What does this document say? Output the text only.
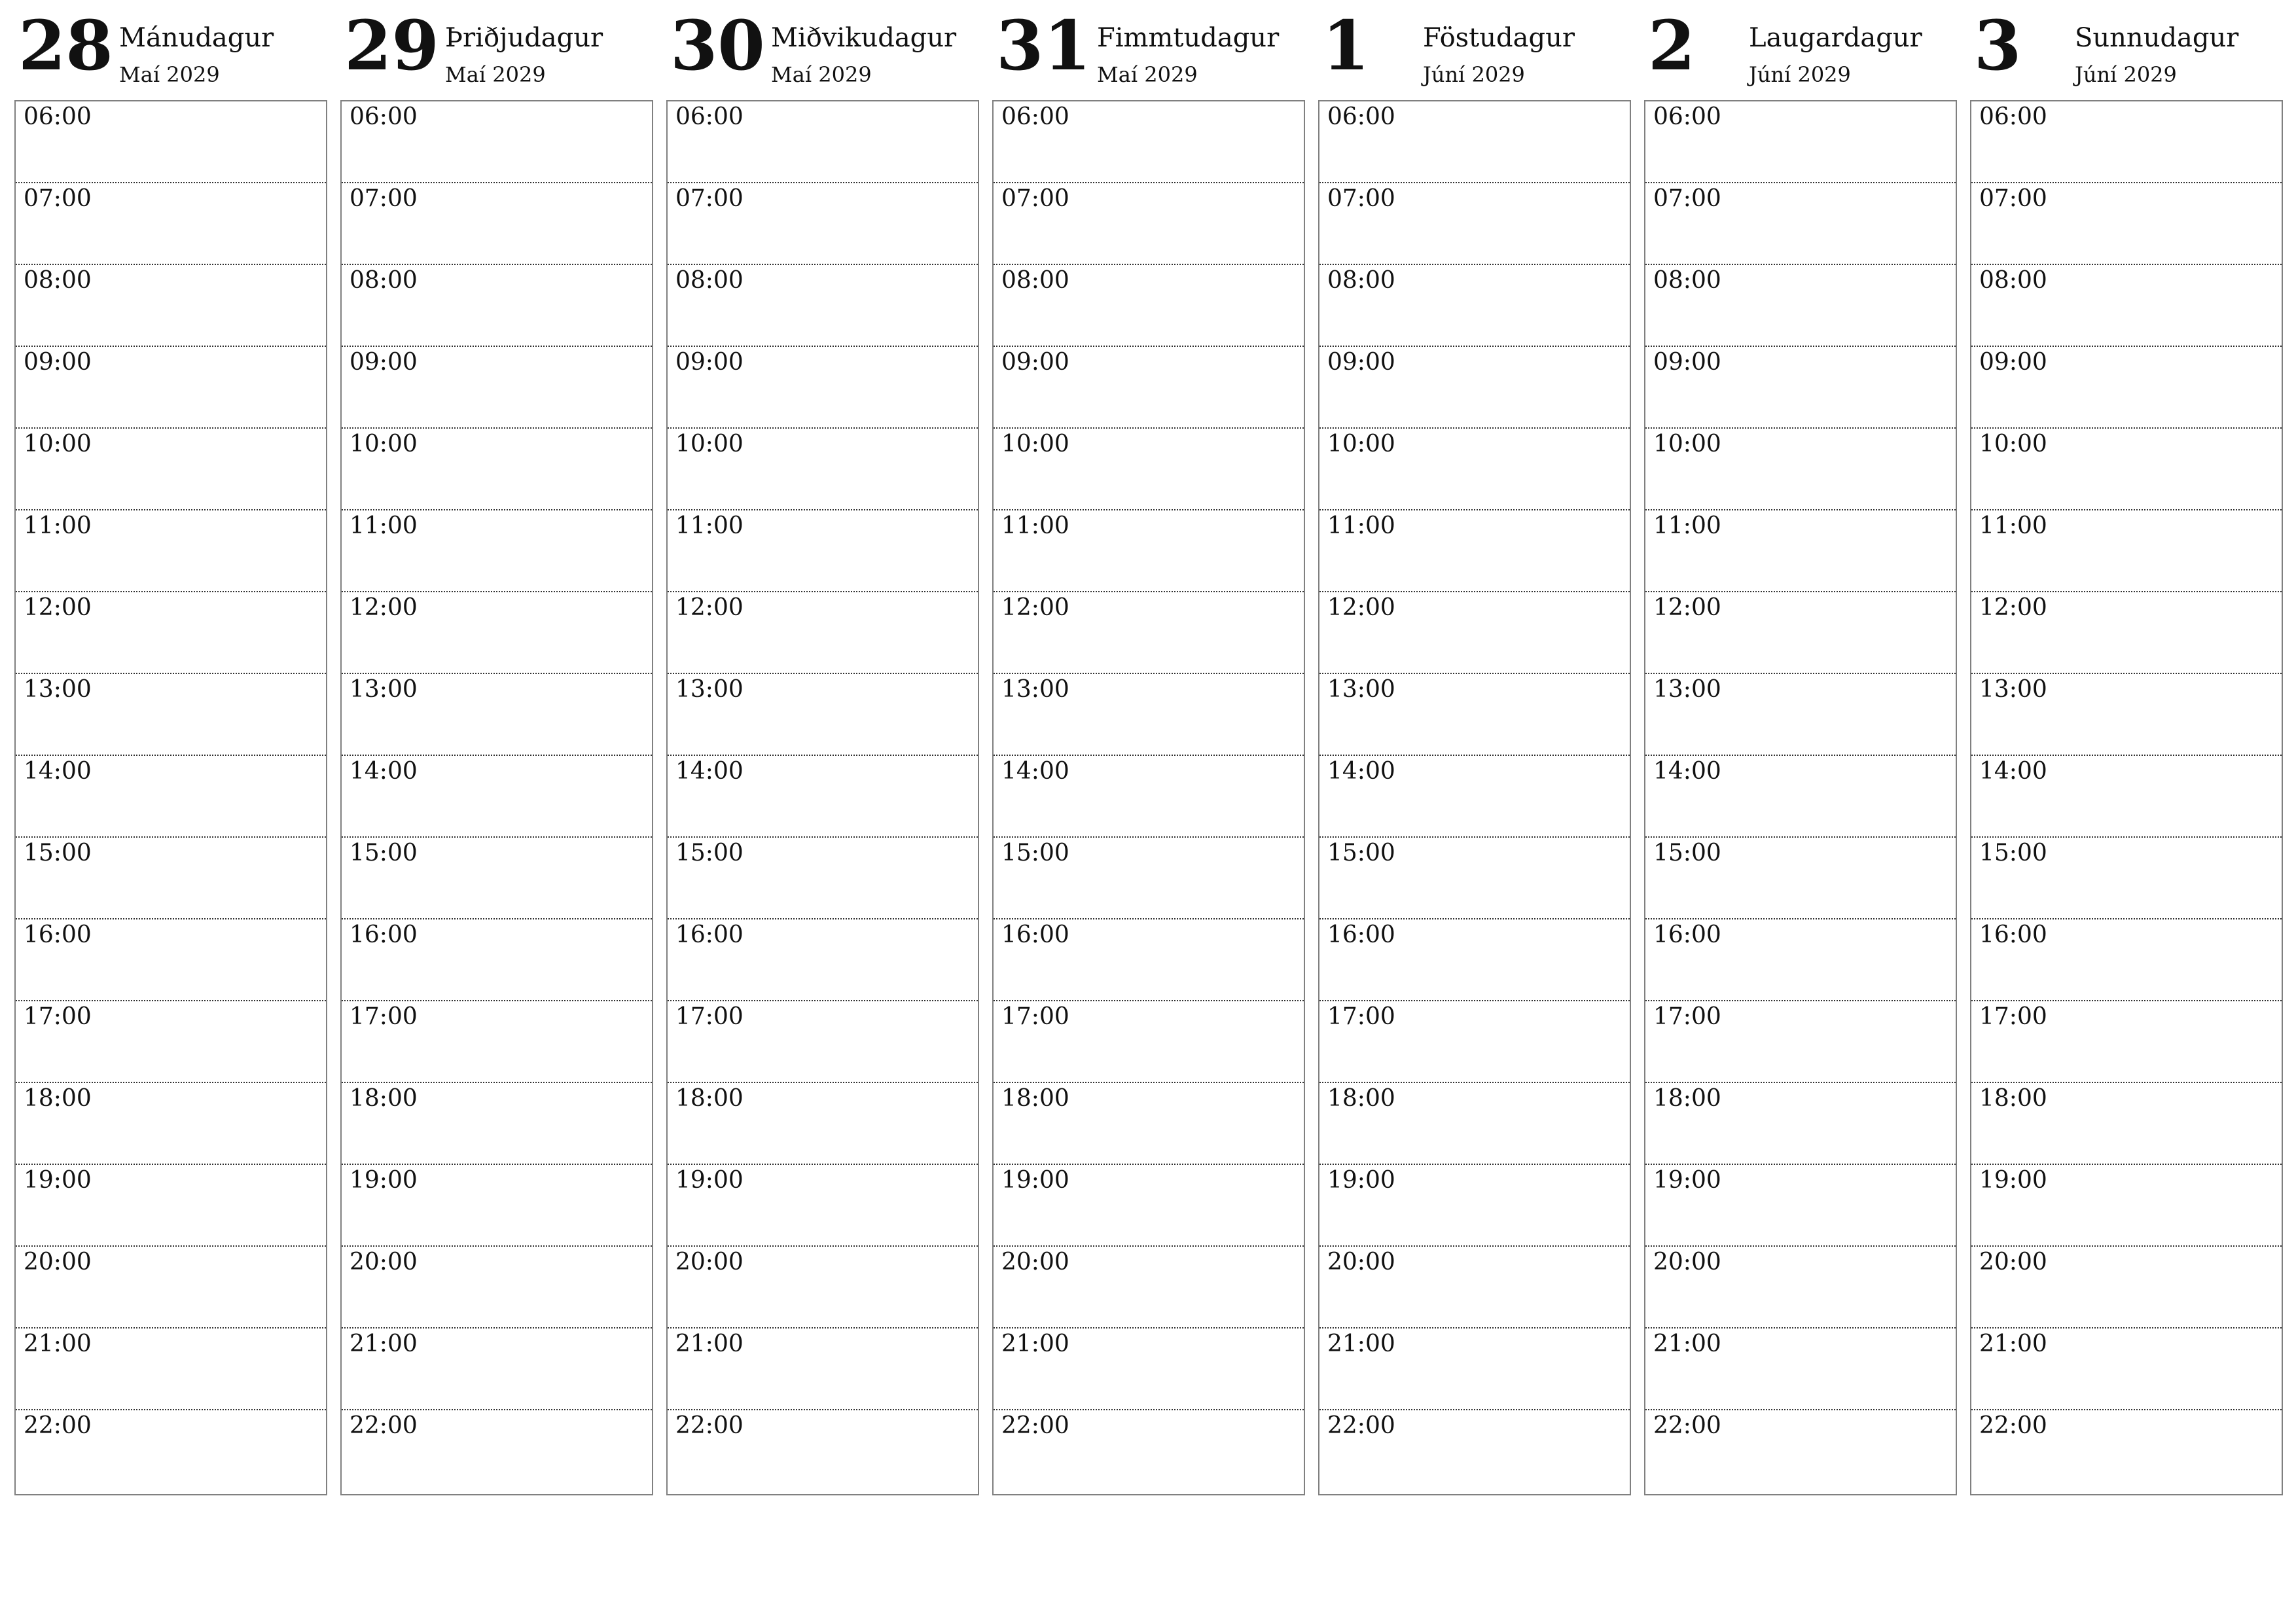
28 Mánudagur
Maí 2029
06:00
07:00
08:00
09:00
10:00
11:00
12:00
13:00
14:00
15:00
16:00
17:00
18:00
19:00
20:00
21:00
22:00
29 Þriðjudagur
Maí 2029
06:00
07:00
08:00
09:00
10:00
11:00
12:00
13:00
14:00
15:00
16:00
17:00
18:00
19:00
20:00
21:00
22:00
30 Miðvikudagur
Maí 2029
06:00
07:00
08:00
09:00
10:00
11:00
12:00
13:00
14:00
15:00
16:00
17:00
18:00
19:00
20:00
21:00
22:00
31 Fimmtudagur
Maí 2029
06:00
07:00
08:00
09:00
10:00
11:00
12:00
13:00
14:00
15:00
16:00
17:00
18:00
19:00
20:00
21:00
22:00
1 Föstudagur
Júní 2029
06:00
07:00
08:00
09:00
10:00
11:00
12:00
13:00
14:00
15:00
16:00
17:00
18:00
19:00
20:00
21:00
22:00
2 Laugardagur
Júní 2029
06:00
07:00
08:00
09:00
10:00
11:00
12:00
13:00
14:00
15:00
16:00
17:00
18:00
19:00
20:00
21:00
22:00
3 Sunnudagur
Júní 2029
06:00
07:00
08:00
09:00
10:00
11:00
12:00
13:00
14:00
15:00
16:00
17:00
18:00
19:00
20:00
21:00
22:00
